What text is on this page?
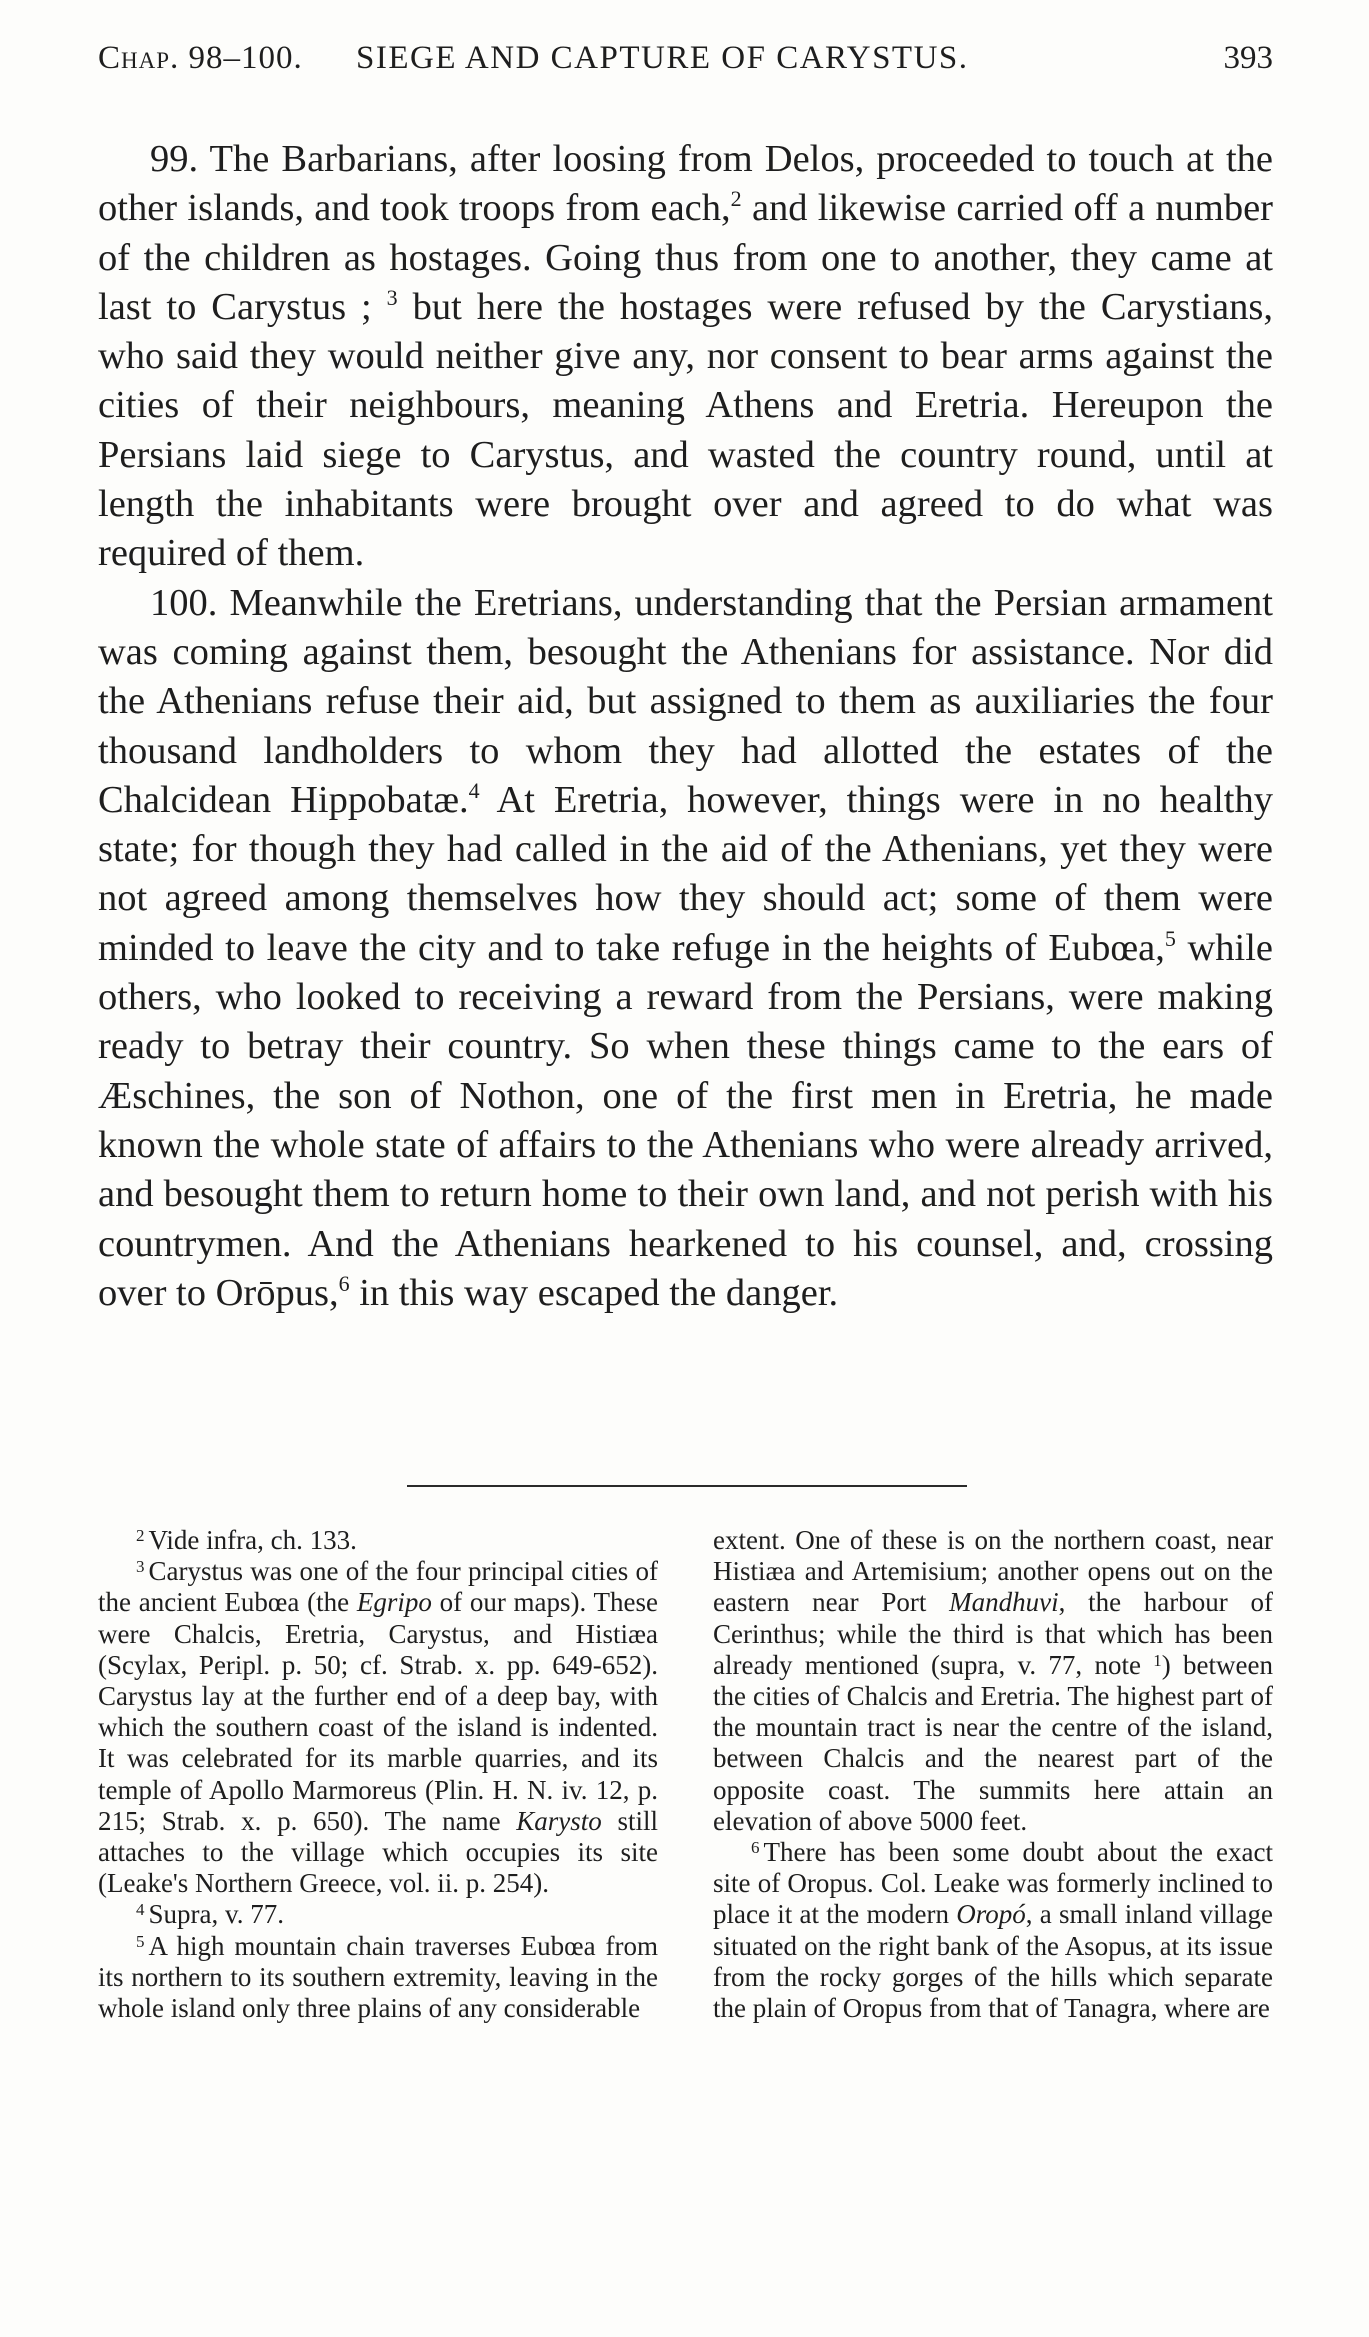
Chap. 98–100. SIEGE AND CAPTURE OF CARYSTUS.	393

99. The Barbarians, after loosing from Delos, proceeded to touch at the other islands, and took troops from each,$^2$ and likewise carried off a number of the children as hostages. Going thus from one to another, they came at last to Carystus ; $^3$ but here the hostages were refused by the Carystians, who said they would neither give any, nor consent to bear arms against the cities of their neighbours, meaning Athens and Eretria. Hereupon the Persians laid siege to Carystus, and wasted the country round, until at length the inhabitants were brought over and agreed to do what was required of them.

100. Meanwhile the Eretrians, understanding that the Persian armament was coming against them, besought the Athenians for assistance. Nor did the Athenians refuse their aid, but assigned to them as auxiliaries the four thousand landholders to whom they had allotted the estates of the Chalcidean Hippobatæ.$^4$ At Eretria, however, things were in no healthy state; for though they had called in the aid of the Athenians, yet they were not agreed among themselves how they should act; some of them were minded to leave the city and to take refuge in the heights of Eubœa,$^5$ while others, who looked to receiving a reward from the Persians, were making ready to betray their country. So when these things came to the ears of Æschines, the son of Nothon, one of the first men in Eretria, he made known the whole state of affairs to the Athenians who were already arrived, and besought them to return home to their own land, and not perish with his countrymen. And the Athenians hearkened to his counsel, and, crossing over to Orōpus,$^6$ in this way escaped the danger.

$^2$ Vide infra, ch. 133.

$^3$ Carystus was one of the four principal cities of the ancient Eubœa (the Egripo of our maps). These were Chalcis, Eretria, Carystus, and Histiæa (Scylax, Peripl. p. 50; cf. Strab. x. pp. 649-652). Carystus lay at the further end of a deep bay, with which the southern coast of the island is indented. It was celebrated for its marble quarries, and its temple of Apollo Marmoreus (Plin. H. N. iv. 12, p. 215; Strab. x. p. 650). The name Karysto still attaches to the village which occupies its site (Leake's Northern Greece, vol. ii. p. 254).

$^4$ Supra, v. 77.

$^5$ A high mountain chain traverses Eubœa from its northern to its southern extremity, leaving in the whole island only three plains of any considerable

extent. One of these is on the northern coast, near Histiæa and Artemisium; another opens out on the eastern near Port Mandhuvi, the harbour of Cerinthus; while the third is that which has been already mentioned (supra, v. 77, note $^1$) between the cities of Chalcis and Eretria. The highest part of the mountain tract is near the centre of the island, between Chalcis and the nearest part of the opposite coast. The summits here attain an elevation of above 5000 feet.

$^6$ There has been some doubt about the exact site of Oropus. Col. Leake was formerly inclined to place it at the modern Oropó, a small inland village situated on the right bank of the Asopus, at its issue from the rocky gorges of the hills which separate the plain of Oropus from that of Tanagra, where are
